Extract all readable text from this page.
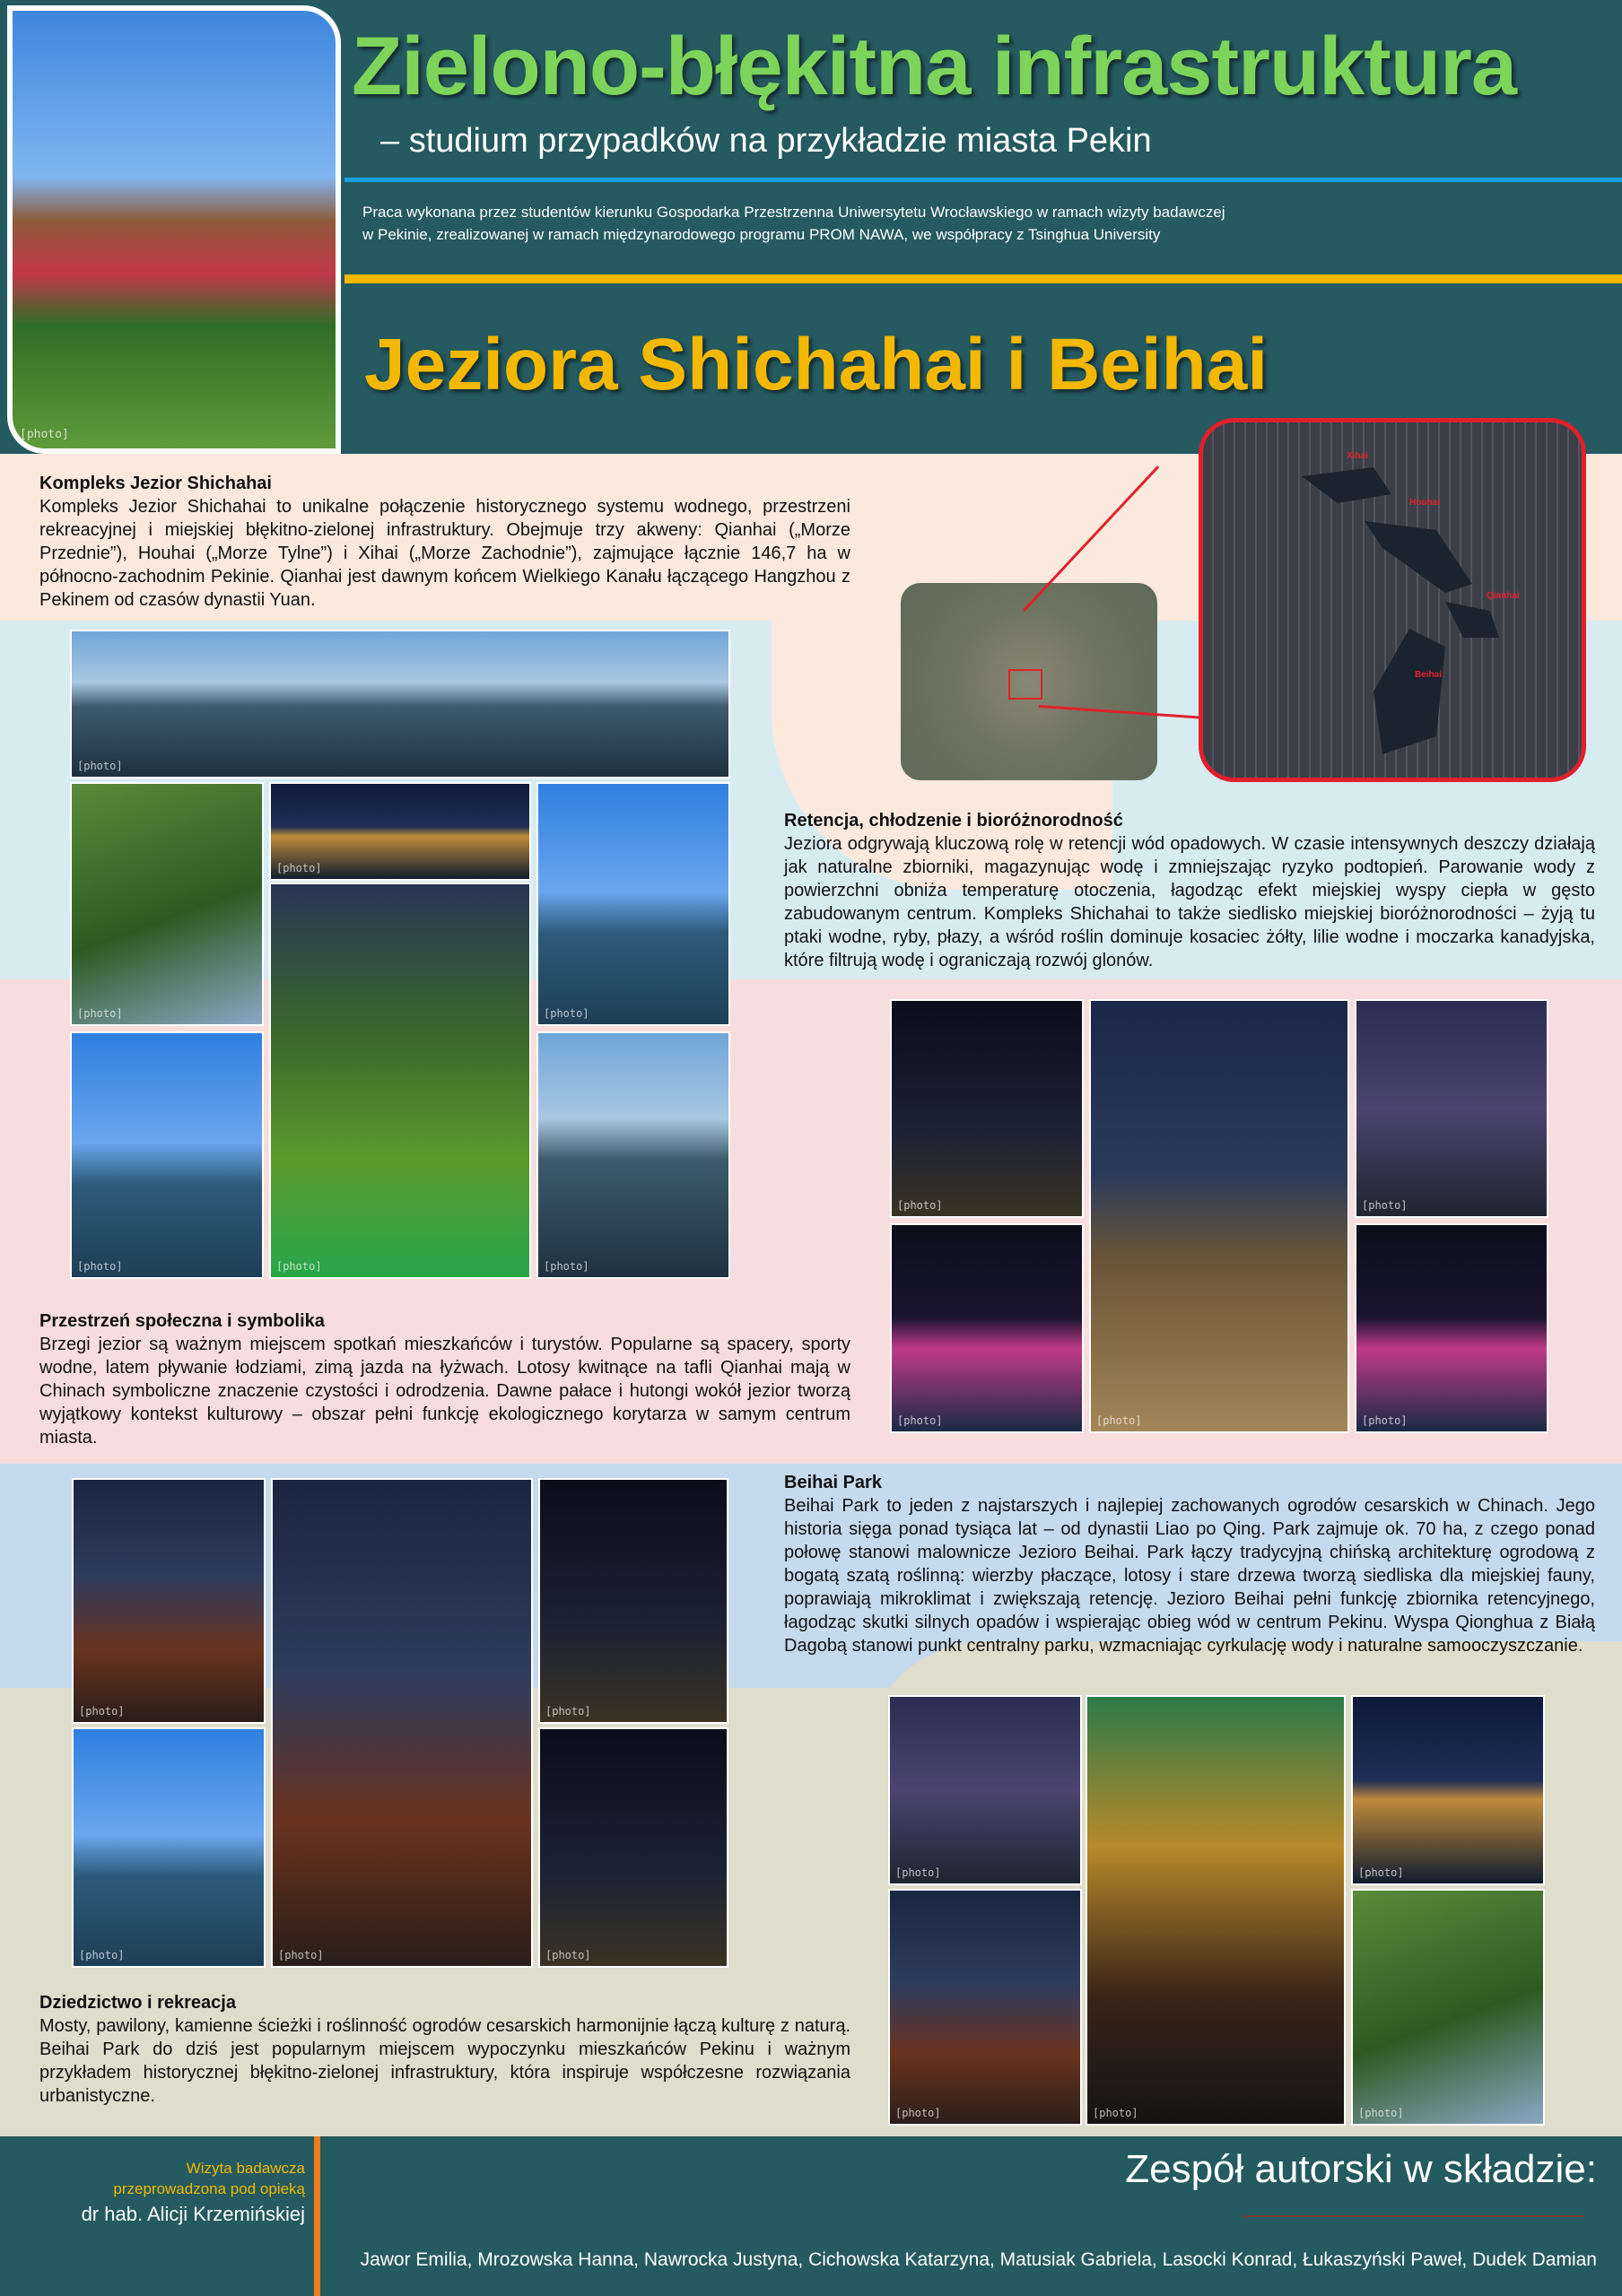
[photo]
Zielono-błękitna infrastruktura
– studium przypadków na przykładzie miasta Pekin
Praca wykonana przez studentów kierunku Gospodarka Przestrzenna Uniwersytetu Wrocławskiego w ramach wizyty badawczej
w Pekinie, zrealizowanej w ramach międzynarodowego programu PROM NAWA, we współpracy z Tsinghua University
Jeziora Shichahai i Beihai
Xihai
Houhai
Qianhai
Beihai
Kompleks Jezior Shichahai
Kompleks Jezior Shichahai to unikalne połączenie historycznego systemu wodnego, przestrzeni rekreacyjnej i miejskiej błękitno-zielonej infrastruktury. Obejmuje trzy akweny: Qianhai („Morze Przednie”), Houhai („Morze Tylne”) i Xihai („Morze Zachodnie”), zajmujące łącznie 146,7 ha w północno-zachodnim Pekinie. Qianhai jest dawnym końcem Wielkiego Kanału łączącego Hangzhou z Pekinem od czasów dynastii Yuan.
Retencja, chłodzenie i bioróżnorodność
Jeziora odgrywają kluczową rolę w retencji wód opadowych. W czasie intensywnych deszczy działają jak naturalne zbiorniki, magazynując wodę i zmniejszając ryzyko podtopień. Parowanie wody z powierzchni obniża temperaturę otoczenia, łagodząc efekt miejskiej wyspy ciepła w gęsto zabudowanym centrum. Kompleks Shichahai to także siedlisko miejskiej bioróżnorodności – żyją tu ptaki wodne, ryby, płazy, a wśród roślin dominuje kosaciec żółty, lilie wodne i moczarka kanadyjska, które filtrują wodę i ograniczają rozwój glonów.
Przestrzeń społeczna i symbolika
Brzegi jezior są ważnym miejscem spotkań mieszkańców i turystów. Popularne są spacery, sporty wodne, latem pływanie łodziami, zimą jazda na łyżwach. Lotosy kwitnące na tafli Qianhai mają w Chinach symboliczne znaczenie czystości i odrodzenia. Dawne pałace i hutongi wokół jezior tworzą wyjątkowy kontekst kulturowy – obszar pełni funkcję ekologicznego korytarza w samym centrum miasta.
Beihai Park
Beihai Park to jeden z najstarszych i najlepiej zachowanych ogrodów cesarskich w Chinach. Jego historia sięga ponad tysiąca lat – od dynastii Liao po Qing. Park zajmuje ok. 70 ha, z czego ponad połowę stanowi malownicze Jezioro Beihai. Park łączy tradycyjną chińską architekturę ogrodową z bogatą szatą roślinną: wierzby płaczące, lotosy i stare drzewa tworzą siedliska dla miejskiej fauny, poprawiają mikroklimat i zwiększają retencję. Jezioro Beihai pełni funkcję zbiornika retencyjnego, łagodząc skutki silnych opadów i wspierając obieg wód w centrum Pekinu. Wyspa Qionghua z Białą Dagobą stanowi punkt centralny parku, wzmacniając cyrkulację wody i naturalne samooczyszczanie.
Dziedzictwo i rekreacja
Mosty, pawilony, kamienne ścieżki i roślinność ogrodów cesarskich harmonijnie łączą kulturę z naturą. Beihai Park do dziś jest popularnym miejscem wypoczynku mieszkańców Pekinu i ważnym przykładem historycznej błękitno-zielonej infrastruktury, która inspiruje współczesne rozwiązania urbanistyczne.
[photo]
[photo]
[photo]
[photo]
[photo]
[photo]	[photo]
[photo]
[photo]
[photo]
[photo]	[photo]
[photo]
[photo]
[photo]
[photo]	[photo]
[photo]
[photo]
[photo]
[photo]	[photo]
Wizyta badawcza
przeprowadzona pod opieką
dr hab. Alicji Krzemińskiej
Zespół autorski w składzie:
Jawor Emilia, Mrozowska Hanna, Nawrocka Justyna, Cichowska Katarzyna, Matusiak Gabriela, Lasocki Konrad, Łukaszyński Paweł, Dudek Damian
